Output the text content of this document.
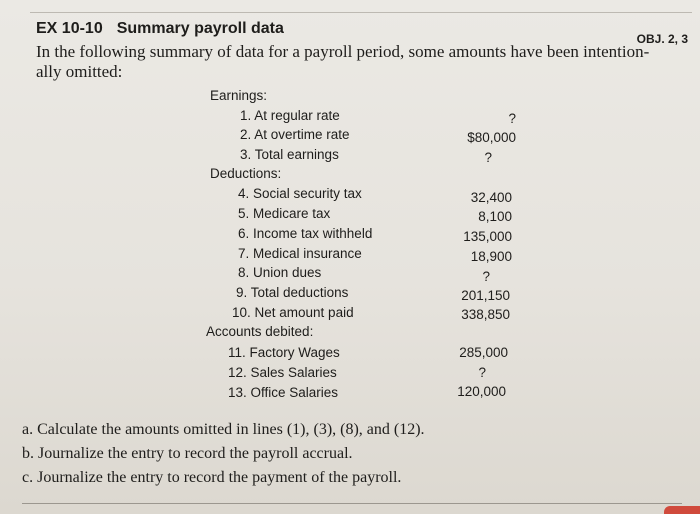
EX 10-10 Summary payroll data
OBJ. 2, 3
In the following summary of data for a payroll period, some amounts have been intention-
ally omitted:
Earnings:
1. At regular rate	?
2. At overtime rate	$80,000
3. Total earnings	?
Deductions:
4. Social security tax	32,400
5. Medicare tax	8,100
6. Income tax withheld	135,000
7. Medical insurance	18,900
8. Union dues	?
9. Total deductions	201,150
10. Net amount paid	338,850
Accounts debited:
11. Factory Wages	285,000
12. Sales Salaries	?
13. Office Salaries	120,000
a. Calculate the amounts omitted in lines (1), (3), (8), and (12).
b. Journalize the entry to record the payroll accrual.
c. Journalize the entry to record the payment of the payroll.
